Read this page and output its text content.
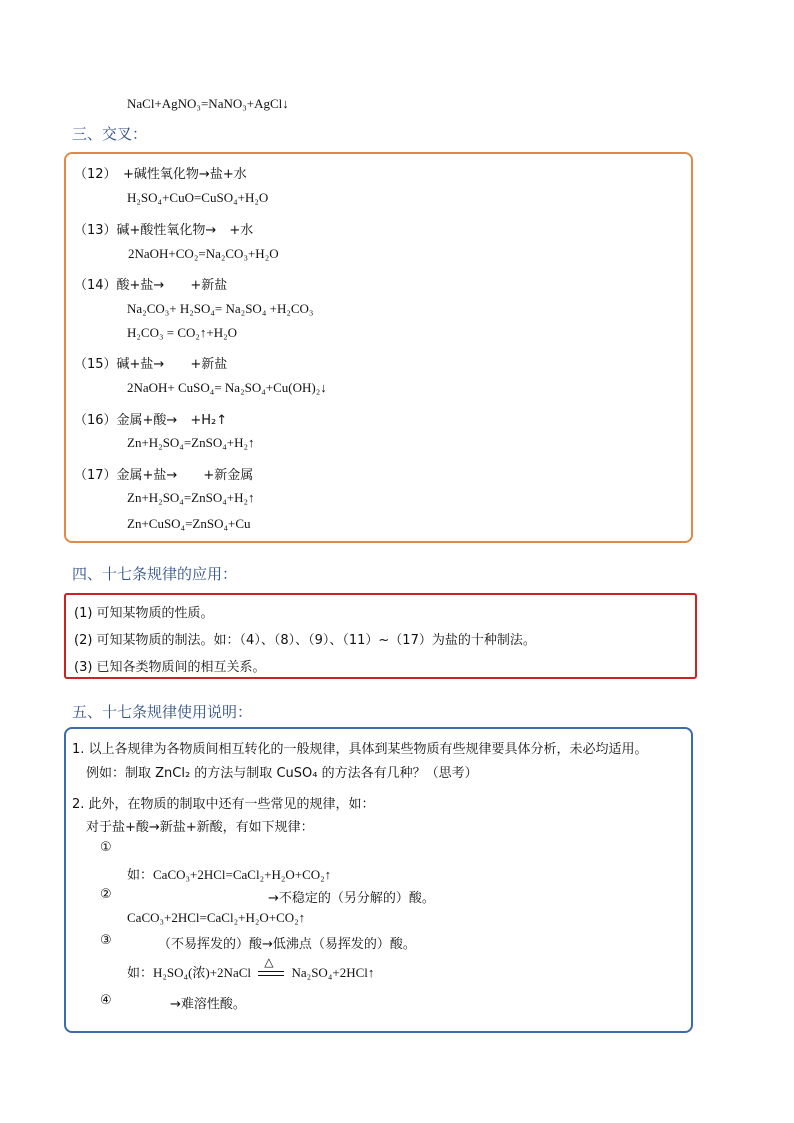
NaCl+AgNO₃=NaNO₃+AgCl↓
三、交叉：
（12）　+碱性氧化物→盐+水
H₂SO₄+CuO=CuSO₄+H₂O
（13）碱+酸性氧化物→　+水
2NaOH+CO₂=Na₂CO₃+H₂O
（14）酸+盐→　　+新盐
Na₂CO₃+ H₂SO₄= Na₂SO₄ +H₂CO₃
H₂CO₃ = CO₂↑+H₂O
（15）碱+盐→　　+新盐
2NaOH+ CuSO₄= Na₂SO₄+Cu(OH)₂↓
（16）金属+酸→　+H₂↑
Zn+H₂SO₄=ZnSO₄+H₂↑
（17）金属+盐→　　+新金属
Zn+H₂SO₄=ZnSO₄+H₂↑
Zn+CuSO₄=ZnSO₄+Cu
四、十七条规律的应用：
(1) 可知某物质的性质。
(2) 可知某物质的制法。如：（4）、（8）、（9）、（11）~（17）为盐的十种制法。
(3) 已知各类物质间的相互关系。
五、十七条规律使用说明：
1. 以上各规律为各物质间相互转化的一般规律，具体到某些物质有些规律要具体分析，未必均适用。
例如：制取 ZnCl₂ 的方法与制取 CuSO₄ 的方法各有几种？（思考）
2. 此外，在物质的制取中还有一些常见的规律，如：
对于盐+酸→新盐+新酸，有如下规律：
①
如：CaCO₃+2HCl=CaCl₂+H₂O+CO₂↑
②	→不稳定的（另分解的）酸。
CaCO₃+2HCl=CaCl₂+H₂O+CO₂↑
③	（不易挥发的）酸→低沸点（易挥发的）酸。
如：H₂SO₄(浓)+2NaCl
△
Na₂SO₄+2HCl↑
④	→难溶性酸。
